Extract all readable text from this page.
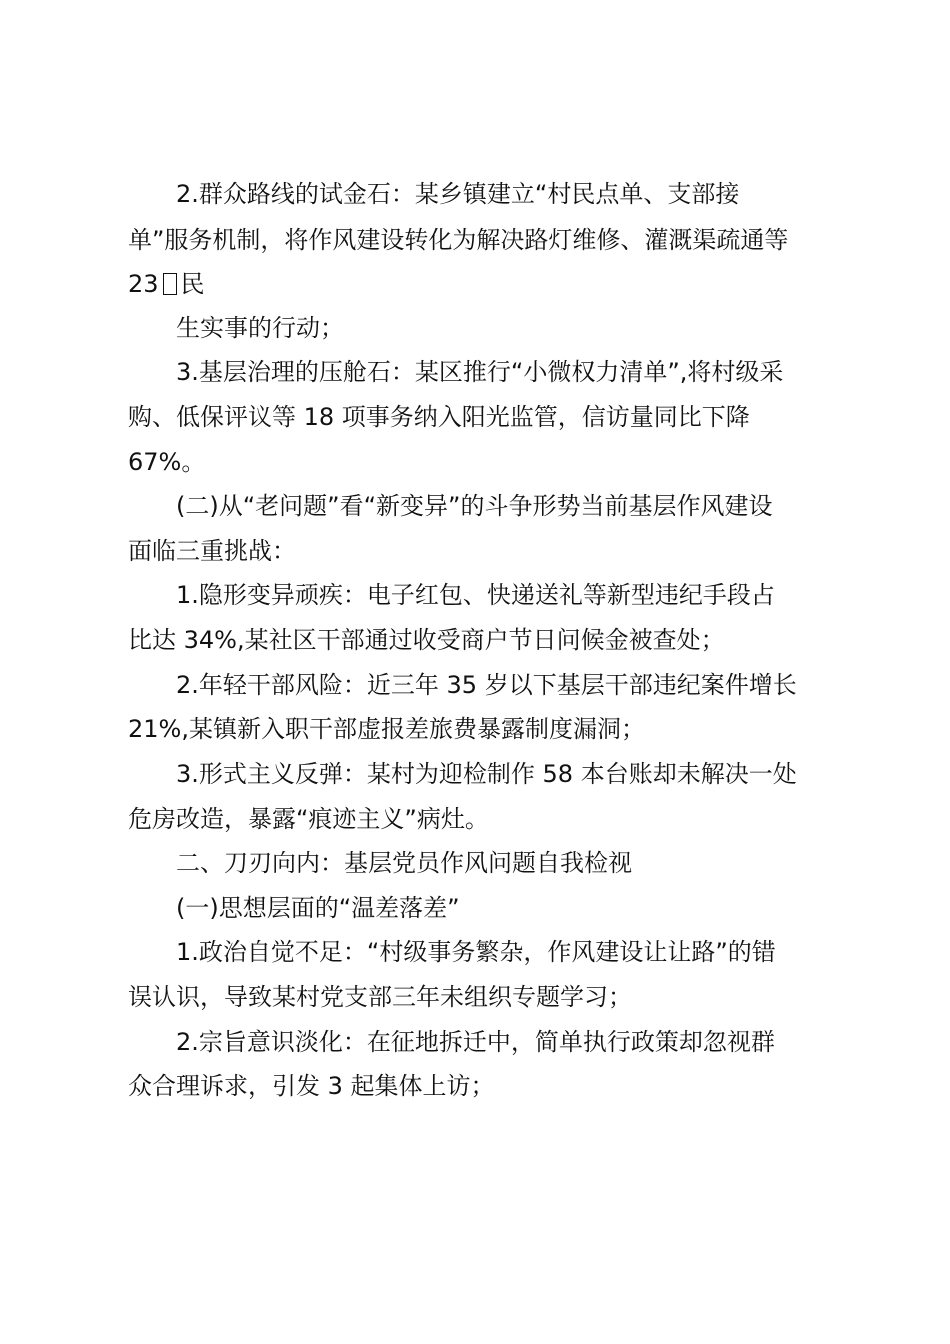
2.群众路线的试金石：某乡镇建立“村民点单、支部接
单”服务机制，将作风建设转化为解决路灯维修、灌溉渠疏通等
23 民
生实事的行动；
3.基层治理的压舱石：某区推行“小微权力清单”,将村级采
购、低保评议等 18 项事务纳入阳光监管，信访量同比下降
67%。
(二)从“老问题”看“新变异”的斗争形势当前基层作风建设
面临三重挑战：
1.隐形变异顽疾：电子红包、快递送礼等新型违纪手段占
比达 34%,某社区干部通过收受商户节日问候金被查处；
2.年轻干部风险：近三年 35 岁以下基层干部违纪案件增长
21%,某镇新入职干部虚报差旅费暴露制度漏洞；
3.形式主义反弹：某村为迎检制作 58 本台账却未解决一处
危房改造，暴露“痕迹主义”病灶。
二、刀刃向内：基层党员作风问题自我检视
(一)思想层面的“温差落差”
1.政治自觉不足：“村级事务繁杂，作风建设让让路”的错
误认识，导致某村党支部三年未组织专题学习；
2.宗旨意识淡化：在征地拆迁中，简单执行政策却忽视群
众合理诉求，引发 3 起集体上访；
